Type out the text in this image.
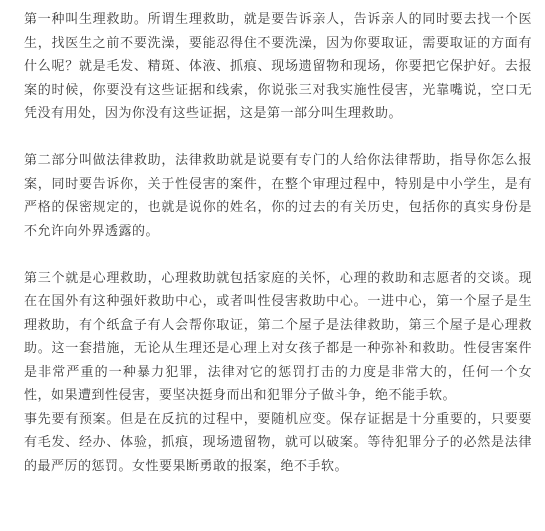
第一种叫生理救助。所谓生理救助，就是要告诉亲人，告诉亲人的同时要去找一个医生，找医生之前不要洗澡，要能忍得住不要洗澡，因为你要取证，需要取证的方面有什么呢？就是毛发、精斑、体液、抓痕、现场遗留物和现场，你要把它保护好。去报案的时候，你要没有这些证据和线索，你说张三对我实施性侵害，光靠嘴说，空口无凭没有用处，因为你没有这些证据，这是第一部分叫生理救助。

第二部分叫做法律救助，法律救助就是说要有专门的人给你法律帮助，指导你怎么报案，同时要告诉你，关于性侵害的案件，在整个审理过程中，特别是中小学生，是有严格的保密规定的，也就是说你的姓名，你的过去的有关历史，包括你的真实身份是不允许向外界透露的。

第三个就是心理救助，心理救助就包括家庭的关怀，心理的救助和志愿者的交谈。现在在国外有这种强奸救助中心，或者叫性侵害救助中心。一进中心，第一个屋子是生理救助，有个纸盒子有人会帮你取证，第二个屋子是法律救助，第三个屋子是心理救助。这一套措施，无论从生理还是心理上对女孩子都是一种弥补和救助。性侵害案件是非常严重的一种暴力犯罪，法律对它的惩罚打击的力度是非常大的，任何一个女性，如果遭到性侵害，要坚决挺身而出和犯罪分子做斗争，绝不能手软。

事先要有预案。但是在反抗的过程中，要随机应变。保存证据是十分重要的，只要要有毛发、经办、体验，抓痕，现场遗留物，就可以破案。等待犯罪分子的必然是法律的最严厉的惩罚。女性要果断勇敢的报案，绝不手软。
